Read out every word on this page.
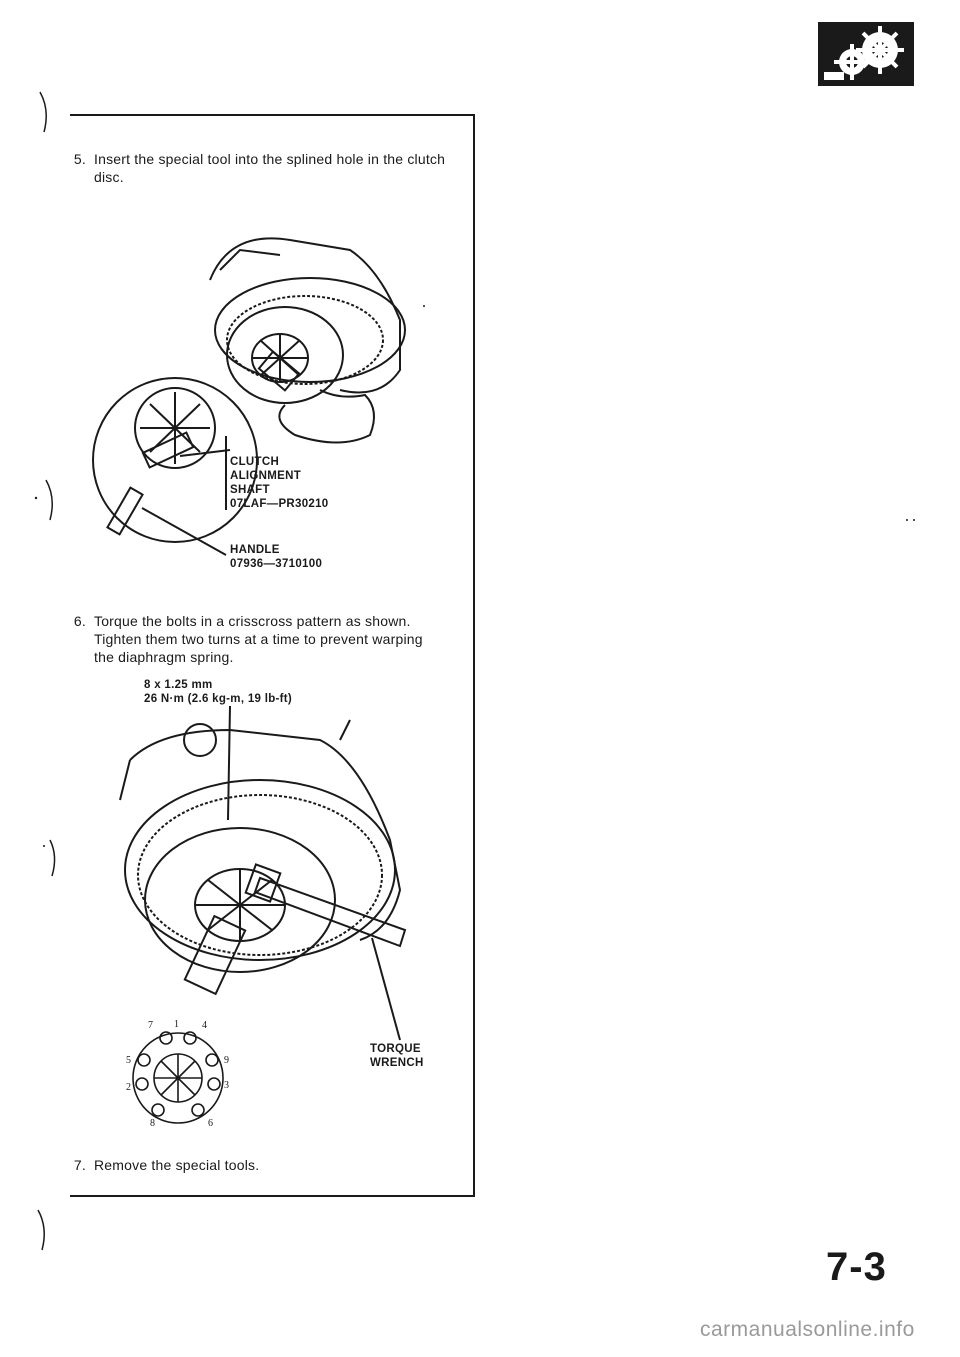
5. Insert the special tool into the splined hole in the clutch
disc.
CLUTCH
ALIGNMENT
SHAFT
07LAF—PR30210
HANDLE
07936—3710100
6. Torque the bolts in a crisscross pattern as shown.
Tighten them two turns at a time to prevent warping
the diaphragm spring.
8 x 1.25 mm
26 N·m (2.6 kg-m, 19 lb-ft)
1
7	4
9
3
6
8
5
2
TORQUE
WRENCH
7. Remove the special tools.
7-3
carmanualsonline.info
